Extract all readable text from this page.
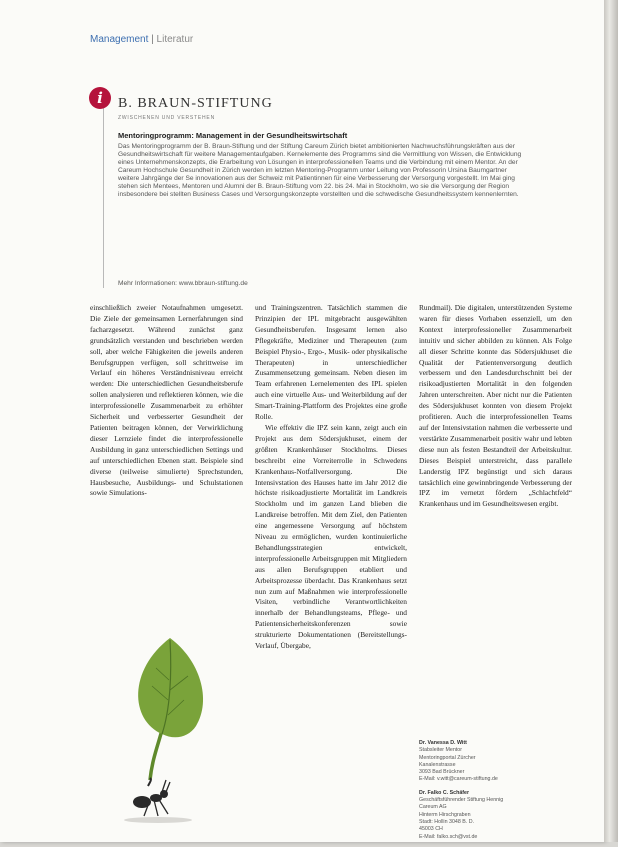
Management | Literatur
i	B. BRAUN-STIFTUNG
ZWISCHENEN UND VERSTEHEN
Mentoringprogramm: Management in der Gesundheitswirtschaft
Das Mentoringprogramm der B. Braun-Stiftung und der Stiftung Careum Zürich bietet ambitionierten Nachwuchsführungskräften aus der Gesundheitswirtschaft für weitere Managementaufgaben. Kernelemente des Programms sind die Vermittlung von Wissen, die Entwicklung eines Unternehmenskonzepts, die Erarbeitung von Lösungen in interprofessionellen Teams und die Verbindung mit einem Mentor. An der Careum Hochschule Gesundheit in Zürich werden im letzten Mentoring-Programm unter Leitung von Professorin Ursina Baumgartner weitere Jahrgänge der Se innovationen aus der Schweiz mit Patientinnen für eine Verbesserung der Versorgung vorgestellt. Im Mai ging stehen sich Mentees, Mentoren und Alumni der B. Braun-Stiftung vom 22. bis 24. Mai in Stockholm, wo sie die Versorgung der Region insbesondere bei stellten Business Cases und Versorgungskonzepte vorstellten und die schwedische Gesundheitssystem kennenlernten.
Mehr Informationen: www.bbraun-stiftung.de

einschließlich zweier Notaufnahmen umgesetzt. Die Ziele der gemeinsamen Lernerfahrungen sind facharzgesetzt. Während zunächst ganz grundsätzlich verstanden und beschrieben werden soll, aber welche Fähigkeiten die jeweils anderen Berufsgruppen verfügen, soll schrittweise im Verlauf ein höheres Verständnisniveau erreicht werden: Die unterschiedlichen Gesundheitsberufe sollen analysieren und reflektieren können, wie die interprofessionelle Zusammenarbeit zu erhöhter Sicherheit und verbesserter Gesundheit der Patienten beitragen können, der Verwirklichung dieser Lernziele findet die interprofessionelle Ausbildung in ganz unterschiedlichen Settings und auf unterschiedlichen Ebenen statt. Beispiele sind diverse (teilweise simulierte) Sprechstunden, Hausbesuche, Ausbildungs- und Schulstationen sowie Simulations-

und Trainingszentren. Tatsächlich stammen die Prinzipien der IPL mitgebracht ausgewählten Gesundheitsberufen. Insgesamt lernen also Pflegekräfte, Mediziner und Therapeuten (zum Beispiel Physio-, Ergo-, Musik- oder physikalische Therapeuten) in unterschiedlicher Zusammensetzung gemeinsam. Neben diesen im Team erfahrenen Lernelementen des IPL spielen auch eine virtuelle Aus- und Weiterbildung auf der Smart-Training-Plattform des Projektes eine große Rolle.

Wie effektiv die IPZ sein kann, zeigt auch ein Projekt aus dem Södersjukhuset, einem der größten Krankenhäuser Stockholms. Dieses beschreibt eine Vorreiterrolle in Schwedens Krankenhaus-Notfallversorgung. Die Intensivstation des Hauses hatte im Jahr 2012 die höchste risikoadjustierte Mortalität im Landkreis Stockholm und im ganzen Land blieben die Landkreise betroffen. Mit dem Ziel, den Patienten eine angemessene Versorgung auf höchstem Niveau zu ermöglichen, wurden kontinuierliche Behandlungsstrategien entwickelt, interprofessionelle Arbeitsgruppen mit Mitgliedern aus allen Berufsgruppen etabliert und Arbeitsprozesse überdacht. Das Krankenhaus setzt nun zum auf Maßnahmen wie interprofessionelle Visiten, verbindliche Verantwortlichkeiten innerhalb der Behandlungsteams, Pflege- und Patientensicherheitskonferenzen sowie strukturierte Dokumentationen (Bereitstellungs- Verlauf, Übergabe,

Rundmail). Die digitalen, unterstützenden Systeme waren für dieses Vorhaben essenziell, um den Kontext interprofessioneller Zusammenarbeit intuitiv und sicher abbilden zu können. Als Folge all dieser Schritte konnte das Södersjukhuset die Qualität der Patientenversorgung deutlich verbessern und den Landesdurchschnitt bei der risikoadjustierten Mortalität in den folgenden Jahren unterschreiten. Aber nicht nur die Patienten des Södersjukhuset konnten von diesem Projekt profitieren. Auch die interprofessionellen Teams auf der Intensivstation nahmen die verbesserte und verstärkte Zusammenarbeit positiv wahr und lebten diese nun als festen Bestandteil der Arbeitskultur. Dieses Beispiel unterstreicht, dass parallele Landerstig IPZ begünstigt und sich daraus tatsächlich eine gewinnbringende Verbesserung der IPZ im vernetzt fördern „Schlachtfeld“ Krankenhaus und im Gesundheitswesen ergibt.

Dr. Vanessa D. Witt
Stabsleiter Mentor
Mentoringportal Zürcher
Kanalenstrasse
3093 Bad Brückner
E-Mail: v.witt@careum-stiftung.de
Dr. Falko C. Schäfer
Geschäftsführender Stiftung Hennig
Careum AG
Hinterm Hirschgraben
Stadt: Hollin 3048 B. D.
45003 CH
E-Mail: falko.sch@vst.de
